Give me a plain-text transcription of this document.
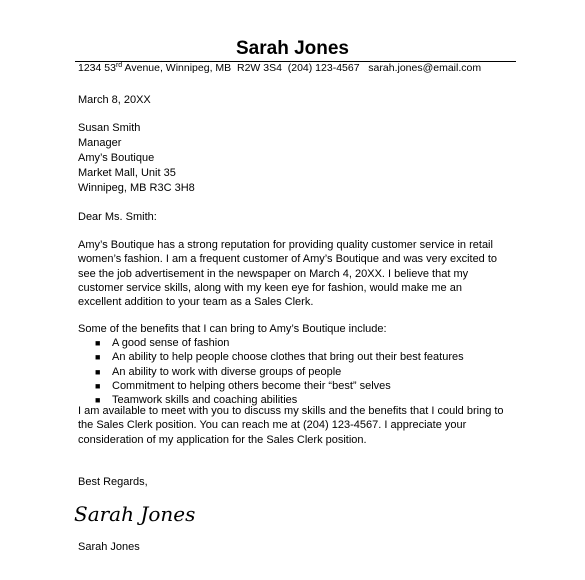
Sarah Jones
1234 53rd Avenue, Winnipeg, MB  R2W 3S4  (204) 123-4567   sarah.jones@email.com
March 8, 20XX
Susan Smith
Manager
Amy’s Boutique
Market Mall, Unit 35
Winnipeg, MB R3C 3H8
Dear Ms. Smith:
Amy’s Boutique has a strong reputation for providing quality customer service in retail
women’s fashion. I am a frequent customer of Amy’s Boutique and was very excited to
see the job advertisement in the newspaper on March 4, 20XX. I believe that my
customer service skills, along with my keen eye for fashion, would make me an
excellent addition to your team as a Sales Clerk.
Some of the benefits that I can bring to Amy’s Boutique include:
■ A good sense of fashion
■ An ability to help people choose clothes that bring out their best features
■ An ability to work with diverse groups of people
■ Commitment to helping others become their “best” selves
■ Teamwork skills and coaching abilities
I am available to meet with you to discuss my skills and the benefits that I could bring to
the Sales Clerk position. You can reach me at (204) 123-4567. I appreciate your
consideration of my application for the Sales Clerk position.
Best Regards,
Sarah Jones
Sarah Jones
